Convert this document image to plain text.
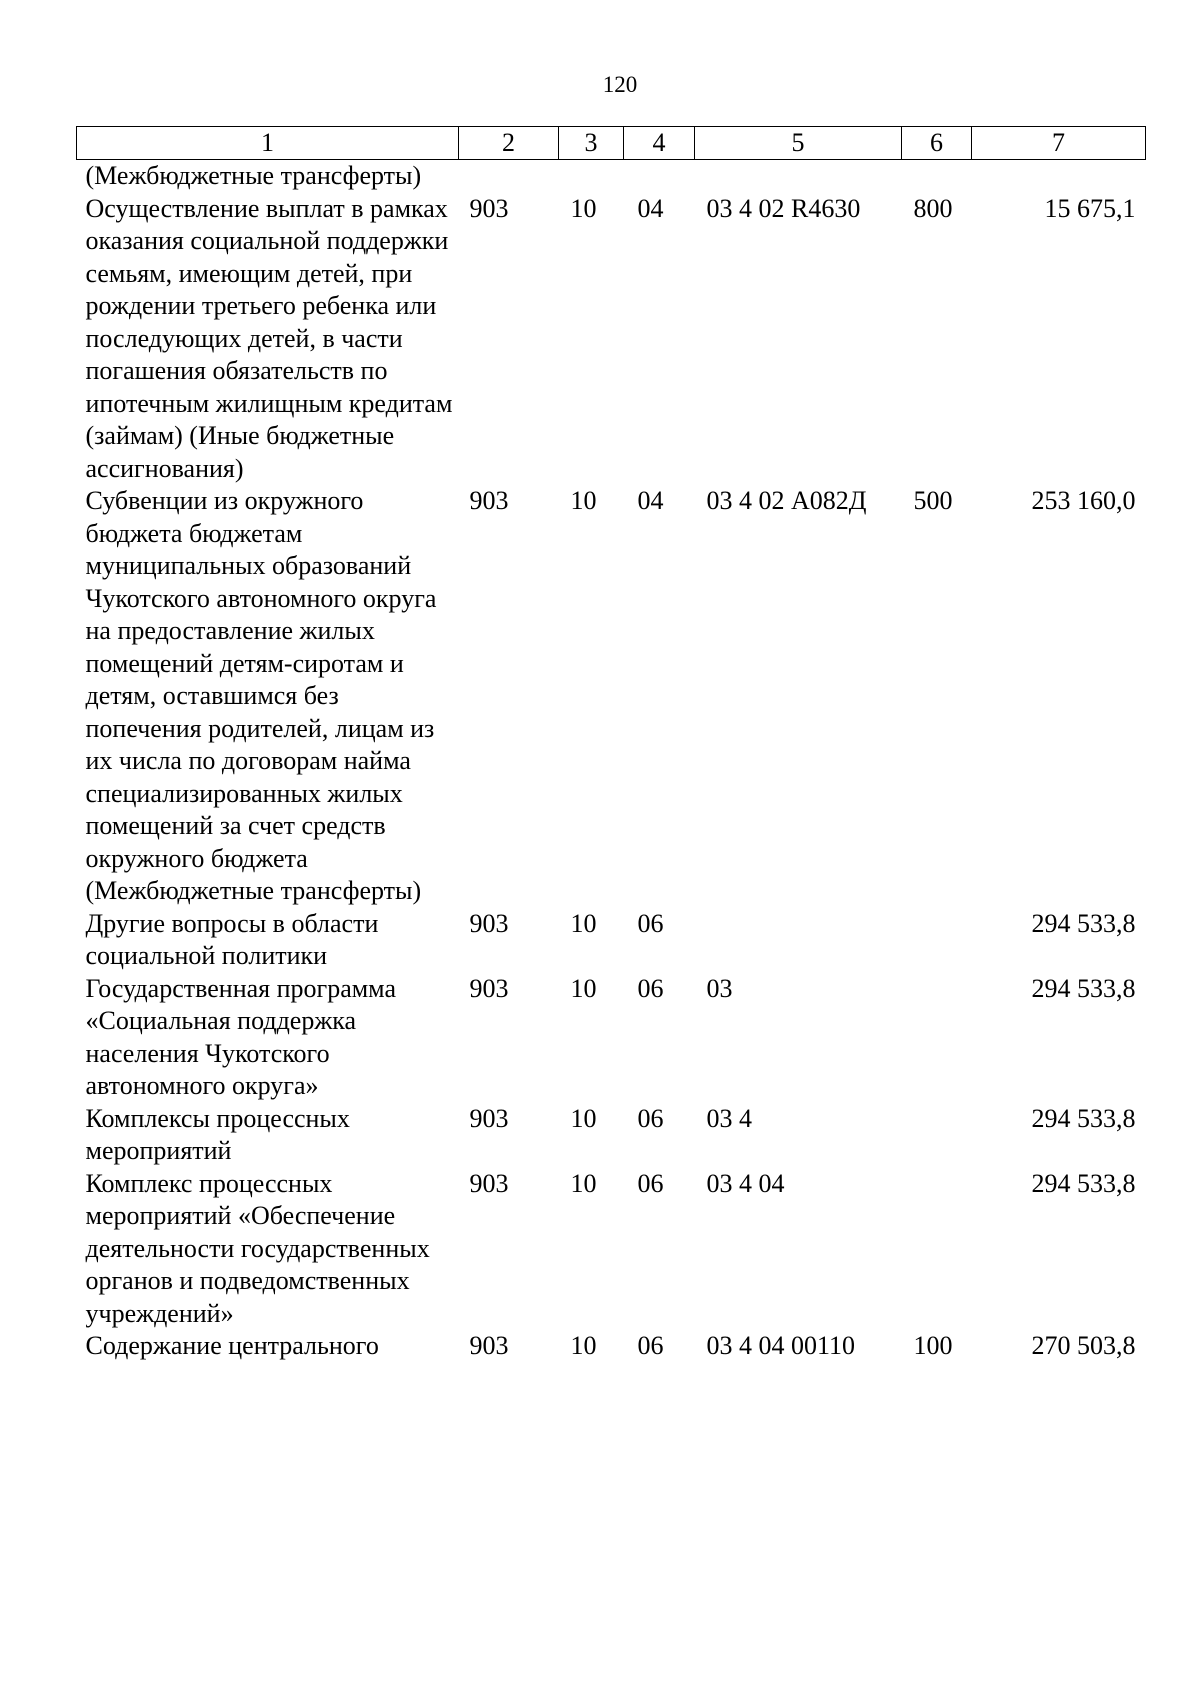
120
1	2	3	4	5	6	7
(Межбюджетные трансферты)						
Осуществление выплат в рамках оказания социальной поддержки семьям, имеющим детей, при рождении третьего ребенка или последующих детей, в части погашения обязательств по ипотечным жилищным кредитам (займам) (Иные бюджетные ассигнования)	903	10	04	03 4 02 R4630	800	15 675,1
Субвенции из окружного бюджета бюджетам муниципальных образований Чукотского автономного округа на предоставление жилых помещений детям-сиротам и детям, оставшимся без попечения родителей, лицам из их числа по договорам найма специализированных жилых помещений за счет средств окружного бюджета (Межбюджетные трансферты)	903	10	04	03 4 02 А082Д	500	253 160,0
Другие вопросы в области социальной политики	903	10	06			294 533,8
Государственная программа «Социальная поддержка населения Чукотского автономного округа»	903	10	06	03		294 533,8
Комплексы процессных мероприятий	903	10	06	03 4		294 533,8
Комплекс процессных мероприятий «Обеспечение деятельности государственных органов и подведомственных учреждений»	903	10	06	03 4 04		294 533,8
Содержание центрального	903	10	06	03 4 04 00110	100	270 503,8
